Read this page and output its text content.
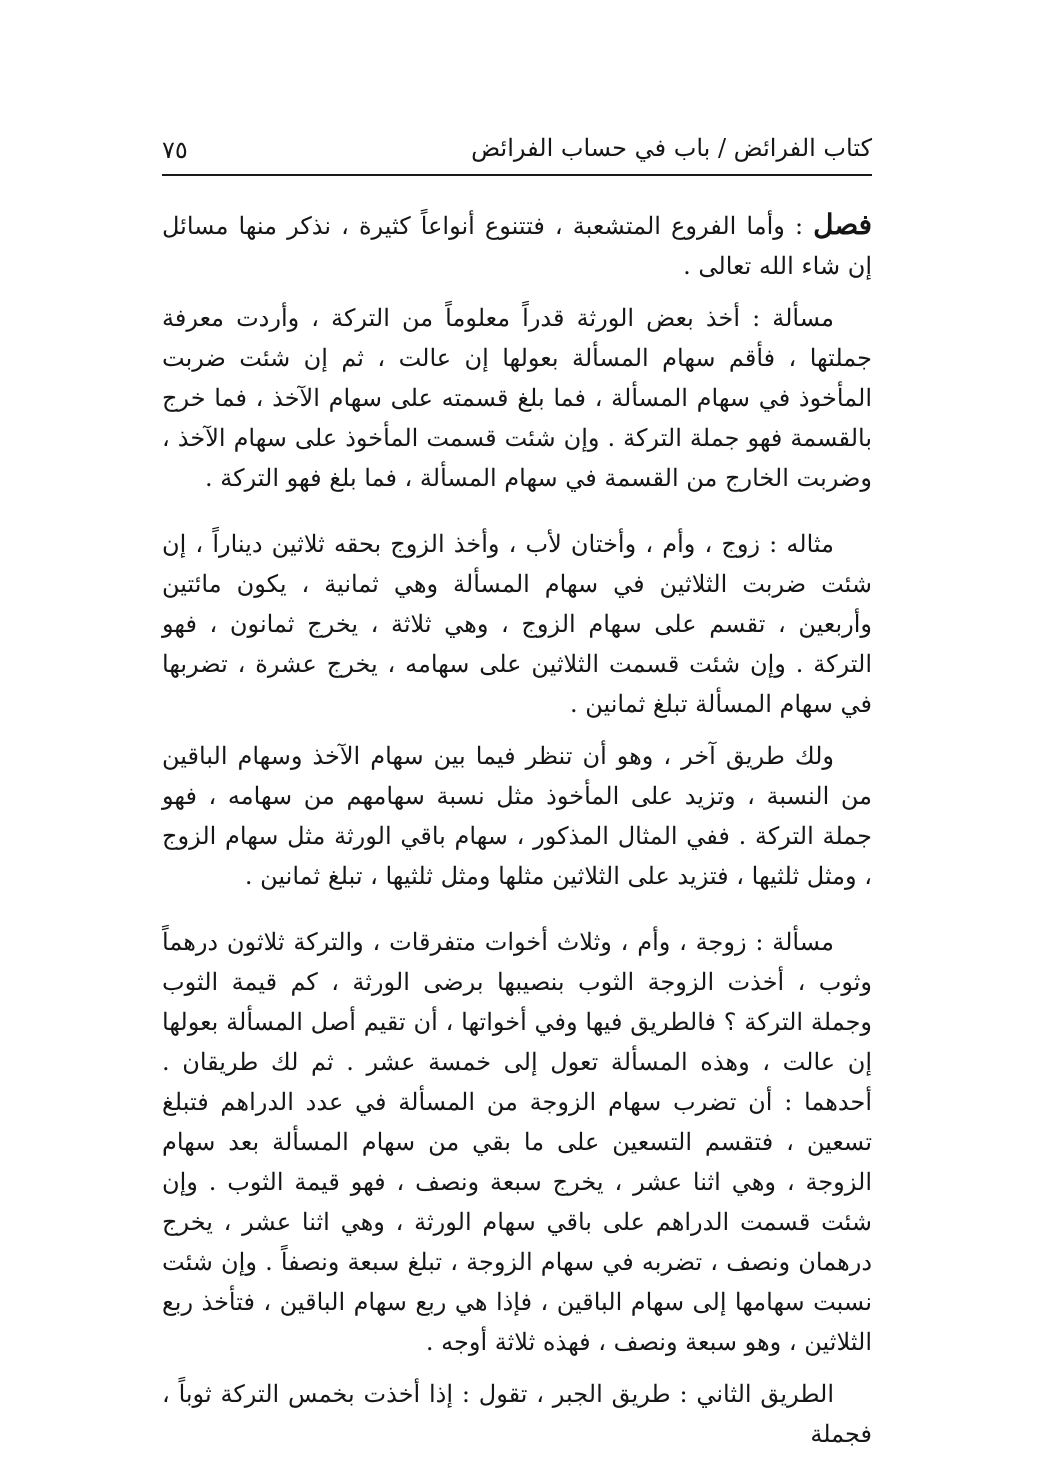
كتاب الفرائض / باب في حساب الفرائض
٧٥

فصل : وأما الفروع المتشعبة ، فتتنوع أنواعاً كثيرة ، نذكر منها مسائل إن شاء الله تعالى .

مسألة : أخذ بعض الورثة قدراً معلوماً من التركة ، وأردت معرفة جملتها ، فأقم سهام المسألة بعولها إن عالت ، ثم إن شئت ضربت المأخوذ في سهام المسألة ، فما بلغ قسمته على سهام الآخذ ، فما خرج بالقسمة فهو جملة التركة . وإن شئت قسمت المأخوذ على سهام الآخذ ، وضربت الخارج من القسمة في سهام المسألة ، فما بلغ فهو التركة .

مثاله : زوج ، وأم ، وأختان لأب ، وأخذ الزوج بحقه ثلاثين ديناراً ، إن شئت ضربت الثلاثين في سهام المسألة وهي ثمانية ، يكون مائتين وأربعين ، تقسم على سهام الزوج ، وهي ثلاثة ، يخرج ثمانون ، فهو التركة . وإن شئت قسمت الثلاثين على سهامه ، يخرج عشرة ، تضربها في سهام المسألة تبلغ ثمانين .

ولك طريق آخر ، وهو أن تنظر فيما بين سهام الآخذ وسهام الباقين من النسبة ، وتزيد على المأخوذ مثل نسبة سهامهم من سهامه ، فهو جملة التركة . ففي المثال المذكور ، سهام باقي الورثة مثل سهام الزوج ، ومثل ثلثيها ، فتزيد على الثلاثين مثلها ومثل ثلثيها ، تبلغ ثمانين .

مسألة : زوجة ، وأم ، وثلاث أخوات متفرقات ، والتركة ثلاثون درهماً وثوب ، أخذت الزوجة الثوب بنصيبها برضى الورثة ، كم قيمة الثوب وجملة التركة ؟ فالطريق فيها وفي أخواتها ، أن تقيم أصل المسألة بعولها إن عالت ، وهذه المسألة تعول إلى خمسة عشر . ثم لك طريقان . أحدهما : أن تضرب سهام الزوجة من المسألة في عدد الدراهم فتبلغ تسعين ، فتقسم التسعين على ما بقي من سهام المسألة بعد سهام الزوجة ، وهي اثنا عشر ، يخرج سبعة ونصف ، فهو قيمة الثوب . وإن شئت قسمت الدراهم على باقي سهام الورثة ، وهي اثنا عشر ، يخرج درهمان ونصف ، تضربه في سهام الزوجة ، تبلغ سبعة ونصفاً . وإن شئت نسبت سهامها إلى سهام الباقين ، فإذا هي ربع سهام الباقين ، فتأخذ ربع الثلاثين ، وهو سبعة ونصف ، فهذه ثلاثة أوجه .

الطريق الثاني : طريق الجبر ، تقول : إذا أخذت بخمس التركة ثوباً ، فجملة
